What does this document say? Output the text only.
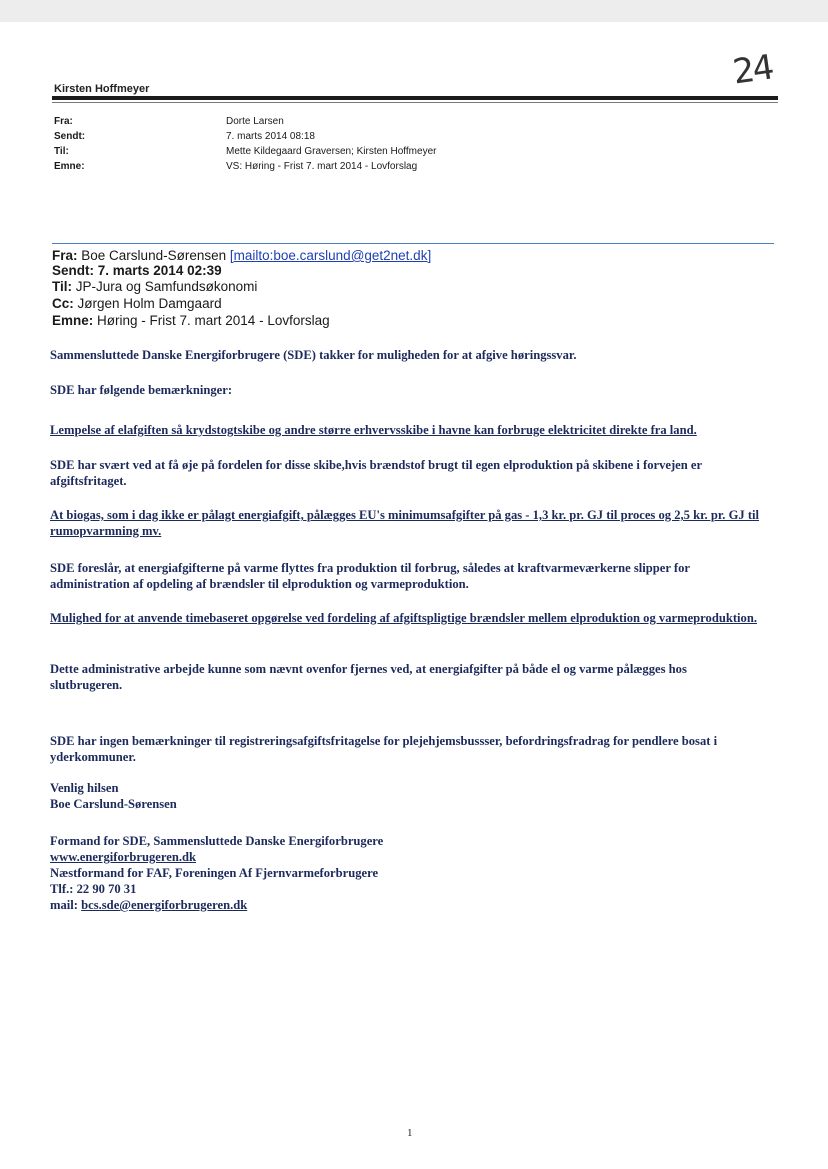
24
Kirsten Hoffmeyer
Fra:	Dorte Larsen
Sendt:	7. marts 2014 08:18
Til:	Mette Kildegaard Graversen; Kirsten Hoffmeyer
Emne:	VS: Høring - Frist 7. mart 2014 - Lovforslag
Fra: Boe Carslund-Sørensen [mailto:boe.carslund@get2net.dk]
Sendt: 7. marts 2014 02:39
Til: JP-Jura og Samfundsøkonomi
Cc: Jørgen Holm Damgaard
Emne: Høring - Frist 7. mart 2014 - Lovforslag
Sammensluttede Danske Energiforbrugere (SDE) takker for muligheden for at afgive høringssvar.
SDE har følgende bemærkninger:
Lempelse af elafgiften så krydstogtskibe og andre større erhvervsskibe i havne kan forbruge elektricitet direkte fra land.
SDE har svært ved at få øje på fordelen for disse skibe,hvis brændstof brugt til egen elproduktion på skibene i forvejen er afgiftsfritaget.
At biogas, som i dag ikke er pålagt energiafgift, pålægges EU's minimumsafgifter på gas - 1,3 kr. pr. GJ til proces og 2,5 kr. pr. GJ til rumopvarmning mv.
SDE foreslår, at energiafgifterne på varme flyttes fra produktion til forbrug, således at kraftvarmeværkerne slipper for administration af opdeling af brændsler til elproduktion og varmeproduktion.
Mulighed for at anvende timebaseret opgørelse ved fordeling af afgiftspligtige brændsler mellem elproduktion og varmeproduktion.
Dette administrative arbejde kunne som nævnt ovenfor fjernes ved, at energiafgifter på både el og varme pålægges hos slutbrugeren.
SDE har ingen bemærkninger til registreringsafgiftsfritagelse for plejehjemsbussser, befordringsfradrag for pendlere bosat i yderkommuner.
Venlig hilsen
Boe Carslund-Sørensen
Formand for SDE, Sammensluttede Danske Energiforbrugere
www.energiforbrugeren.dk
Næstformand for FAF, Foreningen Af Fjernvarmeforbrugere
Tlf.: 22 90 70 31
mail: bcs.sde@energiforbrugeren.dk
1
